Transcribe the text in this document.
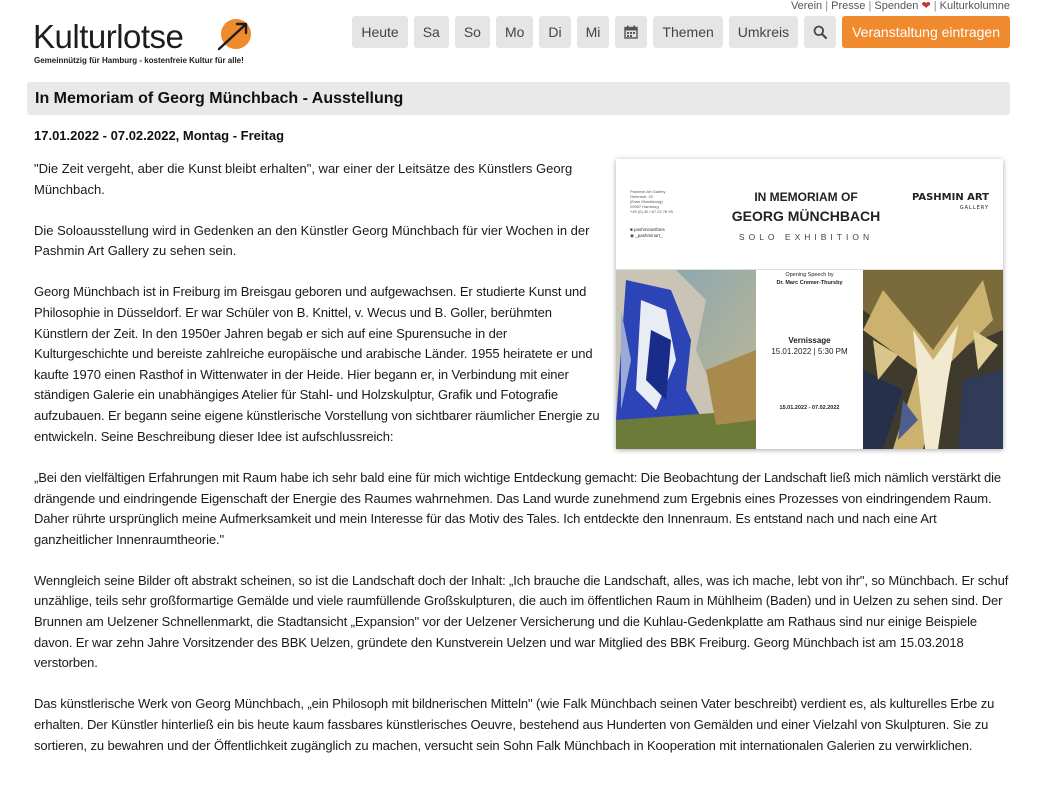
Verein | Presse | Spenden ❤ | Kulturkolumne
Kulturlotse
Gemeinnützig für Hamburg - kostenfreie Kultur für alle!
Heute	Sa	So	Mo	Di	Mi	Themen	Umkreis	Veranstaltung eintragen
In Memoriam of Georg Münchbach - Ausstellung
17.01.2022 - 07.02.2022, Montag - Freitag

"Die Zeit vergeht, aber die Kunst bleibt erhalten", war einer der Leitsätze des Künstlers Georg Münchbach.

Die Soloausstellung wird in Gedenken an den Künstler Georg Münchbach für vier Wochen in der Pashmin Art Gallery zu sehen sein.

Georg Münchbach ist in Freiburg im Breisgau geboren und aufgewachsen. Er studierte Kunst und Philosophie in Düsseldorf. Er war Schüler von B. Knittel, v. Wecus und B. Goller, berühmten Künstlern der Zeit. In den 1950er Jahren begab er sich auf eine Spurensuche in der Kulturgeschichte und bereiste zahlreiche europäische und arabische Länder. 1955 heiratete er und kaufte 1970 einen Rasthof in Wittenwater in der Heide. Hier begann er, in Verbindung mit einer ständigen Galerie ein unabhängiges Atelier für Stahl- und Holzskulptur, Grafik und Fotografie aufzubauen. Er begann seine eigene künstlerische Vorstellung von sichtbarer räumlicher Energie zu entwickeln. Seine Beschreibung dieser Idee ist aufschlussreich:

Pashmin Art Gallery
Gelernstr. 23
(Ecke Mundsburg)
20097 Hamburg
+49 (0) 40 / 67 22 78 99
■ pashminartfans
◉ _pashminart_
IN MEMORIAM OF
GEORG MÜNCHBACH
SOLO EXHIBITION
PASHMIN ART
GALLERY
Opening Speech by
Dr. Marc Cremer-Thursby
Vernissage
15.01.2022 | 5:30 PM
15.01.2022 - 07.02.2022

„Bei den vielfältigen Erfahrungen mit Raum habe ich sehr bald eine für mich wichtige Entdeckung gemacht: Die Beobachtung der Landschaft ließ mich nämlich verstärkt die drängende und eindringende Eigenschaft der Energie des Raumes wahrnehmen. Das Land wurde zunehmend zum Ergebnis eines Prozesses von eindringendem Raum. Daher rührte ursprünglich meine Aufmerksamkeit und mein Interesse für das Motiv des Tales. Ich entdeckte den Innenraum. Es entstand nach und nach eine Art ganzheitlicher Innenraumtheorie."

Wenngleich seine Bilder oft abstrakt scheinen, so ist die Landschaft doch der Inhalt: „Ich brauche die Landschaft, alles, was ich mache, lebt von ihr", so Münchbach. Er schuf unzählige, teils sehr großformartige Gemälde und viele raumfüllende Großskulpturen, die auch im öffentlichen Raum in Mühlheim (Baden) und in Uelzen zu sehen sind. Der Brunnen am Uelzener Schnellenmarkt, die Stadtansicht „Expansion" vor der Uelzener Versicherung und die Kuhlau-Gedenkplatte am Rathaus sind nur einige Beispiele davon. Er war zehn Jahre Vorsitzender des BBK Uelzen, gründete den Kunstverein Uelzen und war Mitglied des BBK Freiburg. Georg Münchbach ist am 15.03.2018 verstorben.

Das künstlerische Werk von Georg Münchbach, „ein Philosoph mit bildnerischen Mitteln" (wie Falk Münchbach seinen Vater beschreibt) verdient es, als kulturelles Erbe zu erhalten. Der Künstler hinterließ ein bis heute kaum fassbares künstlerisches Oeuvre, bestehend aus Hunderten von Gemälden und einer Vielzahl von Skulpturen. Sie zu sortieren, zu bewahren und der Öffentlichkeit zugänglich zu machen, versucht sein Sohn Falk Münchbach in Kooperation mit internationalen Galerien zu verwirklichen.
